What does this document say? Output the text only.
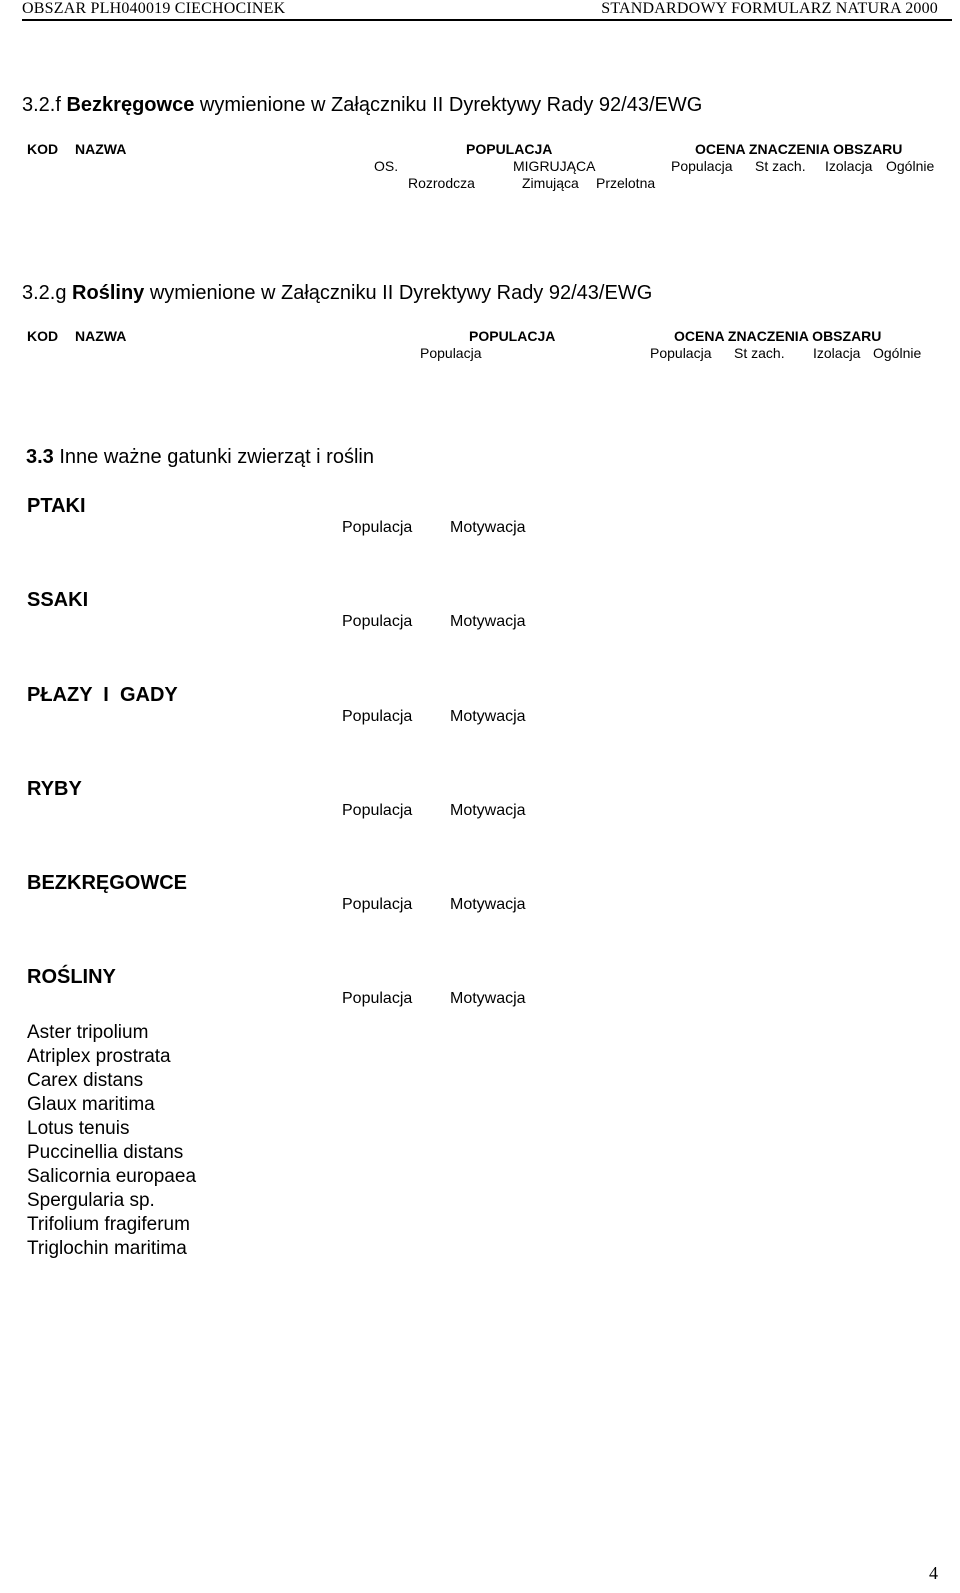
OBSZAR PLH040019 CIECHOCINEK	STANDARDOWY FORMULARZ NATURA 2000
3.2.f Bezkręgowce wymienione w Załączniku II Dyrektywy Rady 92/43/EWG
KOD NAZWA	POPULACJA	OCENA ZNACZENIA OBSZARU
OS.	MIGRUJĄCA	Populacja St zach. Izolacja Ogólnie
Rozrodcza	Zimująca Przelotna
3.2.g Rośliny wymienione w Załączniku II Dyrektywy Rady 92/43/EWG
KOD NAZWA	POPULACJA	OCENA ZNACZENIA OBSZARU
Populacja	Populacja St zach. Izolacja Ogólnie
3.3 Inne ważne gatunki zwierząt i roślin
PTAKI
Populacja Motywacja
SSAKI
Populacja Motywacja
PŁAZY  I  GADY
Populacja Motywacja
RYBY
Populacja Motywacja
BEZKRĘGOWCE
Populacja Motywacja
ROŚLINY
Populacja Motywacja
Aster tripolium
Atriplex prostrata
Carex distans
Glaux maritima
Lotus tenuis
Puccinellia distans
Salicornia europaea
Spergularia sp.
Trifolium fragiferum
Triglochin maritima
4
